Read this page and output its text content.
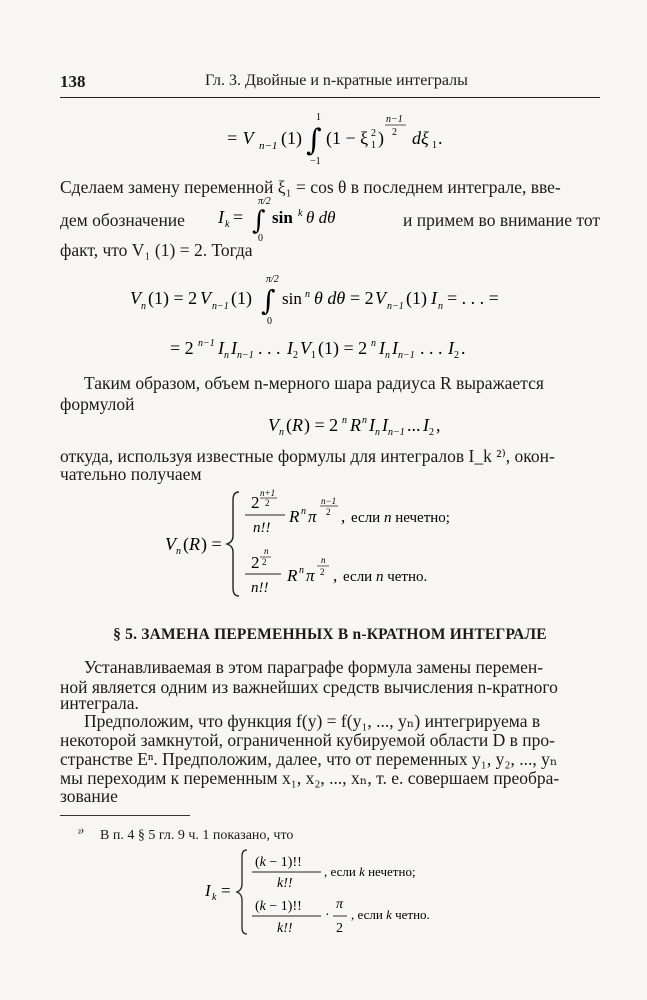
138	Гл. 3. Двойные и n-кратные интегралы
= V n−1 (1)
1
∫
−1
(1 − ξ 1
2 )
n−1
2 dξ 1 .
Сделаем замену переменной ξ₁ = cos θ в последнем интеграле, вве-
дем обозначение I k =
π/2
∫
0
sin k θ dθ	и примем во внимание тот
факт, что V₁ (1) = 2. Тогда
V n (1) = 2 V n−1 (1)
π/2
∫
0
sin n θ dθ = 2 V n−1 (1) I n = . . . =
= 2 n−1 I n I n−1 . . . I 2 V 1 (1) = 2 n I n I n−1 . . . I 2 .
Таким образом, объем n-мерного шара радиуса R выражается
формулой
V n ( R ) = 2 n R n I n I n−1 ... I 2 ,
откуда, используя известные формулы для интегралов I_k ²⁾, окон-
чательно получаем
V n ( R ) =
2 n+1
2
n!!
R n π
n−1
2 , если n нечетно;
2
n
2
n!!
R n π
n
2 , если n четно.
§ 5. ЗАМЕНА ПЕРЕМЕННЫХ В n-КРАТНОМ ИНТЕГРАЛЕ
Устанавливаемая в этом параграфе формула замены перемен-
ной является одним из важнейших средств вычисления n-кратного
интеграла.
Предположим, что функция f(y) = f(y₁, ..., yₙ) интегрируема в
некоторой замкнутой, ограниченной кубируемой области D в про-
странстве Eⁿ. Предположим, далее, что от переменных y₁, y₂, ..., yₙ
мы переходим к переменным x₁, x₂, ..., xₙ, т. е. совершаем преобра-
зование
²⁾ В п. 4 § 5 гл. 9 ч. 1 показано, что
I k =
(k − 1)!!
k!!
, если k нечетно;
(k − 1)!!
k!!
·
π
2
, если k четно.
